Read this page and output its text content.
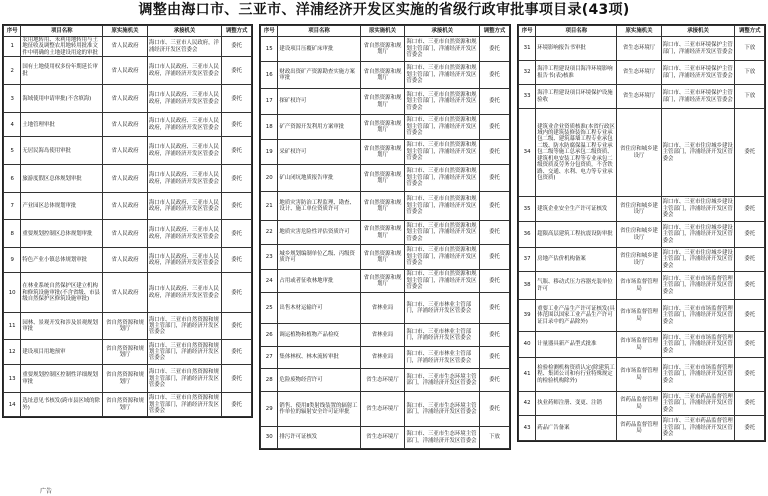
调整由海口市、三亚市、洋浦经济开发区实施的省级行政审批事项目录(43项)
序号	项目名称	原实施机关	承接机关	调整方式
1	农用地转用、未利用地转用与土地征收及调整农用地转用批准文件中明确的土地建设用途的审批	省人民政府	海口市、三亚市人民政府，洋浦经济开发区管委会	委托
2	国有土地使用权多份年期延长审批	省人民政府	海口市人民政府、三亚市人民政府，洋浦经济开发区管委会	委托
3	海域使用申请审批(不含填海)	省人民政府	海口市人民政府、三亚市人民政府，洋浦经济开发区管委会	委托
4	土地管理审批	省人民政府	海口市人民政府、三亚市人民政府，洋浦经济开发区管委会	委托
5	无居民海岛使用审批	省人民政府	海口市人民政府、三亚市人民政府，洋浦经济开发区管委会	委托
6	旅游度假区总体规划审批	省人民政府	海口市人民政府、三亚市人民政府，洋浦经济开发区管委会	委托
7	产业园区总体规划审批	省人民政府	海口市人民政府、三亚市人民政府，洋浦经济开发区管委会	委托
8	重要规划控制区总体规划审批	省人民政府	海口市人民政府、三亚市人民政府，洋浦经济开发区管委会	委托
9	特色产业小镇总体规划审批	省人民政府	海口市人民政府、三亚市人民政府，洋浦经济开发区管委会	委托
10	在林业系统自然保护区建立机构和修筑设施审批(不含省级、市县级自然保护区修筑设施审批)	省人民政府	海口市人民政府、三亚市人民政府，洋浦经济开发区管委会	委托
11	园林、景观开发和涉及景观规划审批	省自然资源和规划厅	海口市、三亚市自然资源和规划主管部门，洋浦经济开发区管委会	委托
12	建设项目用地预审	省自然资源和规划厅	海口市、三亚市自然资源和规划主管部门，洋浦经济开发区管委会	委托
13	重要规划控制区控制性详细规划审批	省自然资源和规划厅	海口市、三亚市自然资源和规划主管部门，洋浦经济开发区管委会	委托
14	选址意见书核发(跨市县区域的除外)	省自然资源和规划厅	海口市、三亚市自然资源和规划主管部门，洋浦经济开发区管委会	委托
序号	项目名称	原实施机关	承接机关	调整方式
15	建设项目压覆矿床审批	省自然资源和规划厅	海口市、三亚市自然资源和规划主管部门，洋浦经济开发区管委会	委托
16	财政出资矿产资源勘查实施方案审批	省自然资源和规划厅	海口市、三亚市自然资源和规划主管部门，洋浦经济开发区管委会	委托
17	探矿权许可	省自然资源和规划厅	海口市、三亚市自然资源和规划主管部门，洋浦经济开发区管委会	委托
18	矿产资源开发利用方案审批	省自然资源和规划厅	海口市、三亚市自然资源和规划主管部门，洋浦经济开发区管委会	委托
19	采矿权许可	省自然资源和规划厅	海口市、三亚市自然资源和规划主管部门，洋浦经济开发区管委会	委托
20	矿山闭坑地质报告审批	省自然资源和规划厅	海口市、三亚市自然资源和规划主管部门，洋浦经济开发区管委会	委托
21	地质灾害防治工程监理、勘查、设计、施工单位资质许可	省自然资源和规划厅	海口市、三亚市自然资源和规划主管部门，洋浦经济开发区管委会	委托
22	地质灾害危险性评估资质许可	省自然资源和规划厅	海口市、三亚市自然资源和规划主管部门，洋浦经济开发区管委会	委托
23	城乡规划编制单位乙级、丙级资质许可	省自然资源和规划厅	海口市、三亚市自然资源和规划主管部门，洋浦经济开发区管委会	委托
24	占用或者征收林地审批	省自然资源和规划厅	海口市、三亚市自然资源和规划主管部门，洋浦经济开发区管委会	委托
25	出售木材运输许可	省林业局	海口市、三亚市林业主管部门，洋浦经济开发区管委会	委托
26	调运植物和植物产品检疫	省林业局	海口市、三亚市林业主管部门，洋浦经济开发区管委会	委托
27	集体林权、林木流转审批	省林业局	海口市、三亚市林业主管部门，洋浦经济开发区管委会	委托
28	危险废物经营许可	省生态环境厅	海口市、三亚市生态环境主管部门，洋浦经济开发区管委会	委托
29	销售、使用Ⅱ类射线装置的辐射工作单位的辐射安全许可证审批	省生态环境厅	海口市、三亚市生态环境主管部门，洋浦经济开发区管委会	委托
30	排污许可证核发	省生态环境厅	海口市、三亚市生态环境主管部门，洋浦经济开发区管委会	下放
序号	项目名称	原实施机关	承接机关	调整方式
31	环境影响报告书审批	省生态环境厅	海口市、三亚市环境保护主管部门，洋浦经济开发区管委会	下放
32	海洋工程建设项目海洋环境影响报告书(表)核准	省生态环境厅	海口市、三亚市环境保护主管部门，洋浦经济开发区管委会	下放
33	海洋工程建设项目环境保护设施验收	省生态环境厅	海口市、三亚市环境保护主管部门，洋浦经济开发区管委会	下放
34	建筑业企业资质核准(本省行政区域内的建筑装修装饰工程专业承包二级、建筑幕墙工程专业承包二级、防水防腐保温工程专业承包二级等施工总承包二级资质、建筑机电安装工程等专业承包二级资质及劳务分包资质，不含铁路、交通、水利、电力等专业承包资质)	省住房和城乡建设厅	海口市、三亚市住房城乡建设主管部门，洋浦经济开发区管委会	委托
35	建筑企业安全生产许可证核发	省住房和城乡建设厅	海口市、三亚市住房城乡建设主管部门，洋浦经济开发区管委会	委托
36	超限高层建筑工程抗震设防审批	省住房和城乡建设厅	海口市、三亚市住房城乡建设主管部门，洋浦经济开发区管委会	委托
37	房地产估价机构备案	省住房和城乡建设厅	海口市、三亚市住房城乡建设主管部门，洋浦经济开发区管委会	委托
38	气瓶、移动式压力容器充装单位许可	省市场监督管理局	海口市、三亚市市场监督管理主管部门，洋浦经济开发区管委会	委托
39	重要工业产品生产许可证核发(具体范围以国家工业产品生产许可证目录中的产品除外)	省市场监督管理局	海口市、三亚市市场监督管理主管部门，洋浦经济开发区管委会	委托
40	计量器具新产品型式批准	省市场监督管理局	海口市、三亚市市场监督管理主管部门，洋浦经济开发区管委会	委托
41	检验检测机构资质认定(除建筑工程、集团公司和有行业特殊规定的检验机构除外)	省市场监督管理局	海口市、三亚市市场监督管理主管部门，洋浦经济开发区管委会	委托
42	执业药师注册、变更、注销	省药品监督管理局	海口市、三亚市药品监督管理主管部门，洋浦经济开发区管委会	委托
43	药品广告备案	省药品监督管理局	海口市、三亚市药品监督管理主管部门，洋浦经济开发区管委会	委托
广告
